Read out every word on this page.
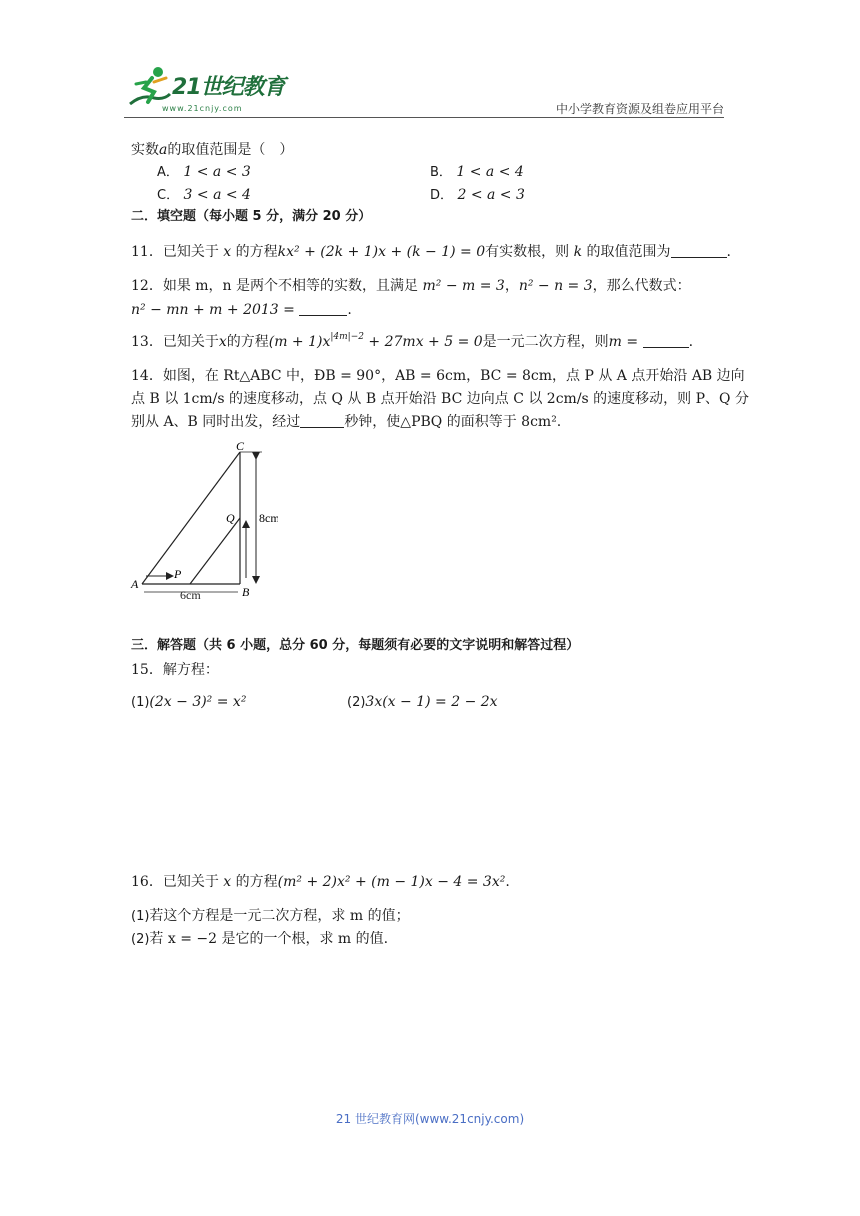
21世纪教育
www.21cnjy.com	中小学教育资源及组卷应用平台
实数a的取值范围是（　）
A． 1 < a < 3	B． 1 < a < 4
C． 3 < a < 4	D． 2 < a < 3
二．填空题（每小题 5 分，满分 20 分）
11．已知关于 x 的方程kx² + (2k + 1)x + (k − 1) = 0有实数根，则 k 的取值范围为	.
12．如果 m，n 是两个不相等的实数，且满足 m² − m = 3，n² − n = 3，那么代数式：
n² − mn + m + 2013 =	.
13．已知关于x的方程$(m + 1)x^{|4m|-2} + 27mx + 5 = 0$是一元二次方程，则m =	.
14．如图，在 Rt△ABC 中，ÐB = 90°，AB = 6cm，BC = 8cm，点 P 从 A 点开始沿 AB 边向
点 B 以 1cm/s 的速度移动，点 Q 从 B 点开始沿 BC 边向点 C 以 2cm/s 的速度移动，则 P、Q 分
别从 A、B 同时出发，经过	秒钟，使△PBQ 的面积等于 8cm².
C
Q 8cm
A
P
B
6cm
三．解答题（共 6 小题，总分 60 分，每题须有必要的文字说明和解答过程）
15．解方程：
(1)(2x − 3)² = x²	(2)3x(x − 1) = 2 − 2x
16．已知关于 x 的方程(m² + 2)x² + (m − 1)x − 4 = 3x².
(1)若这个方程是一元二次方程，求 m 的值；
(2)若 x = −2 是它的一个根，求 m 的值.
21 世纪教育网(www.21cnjy.com)
